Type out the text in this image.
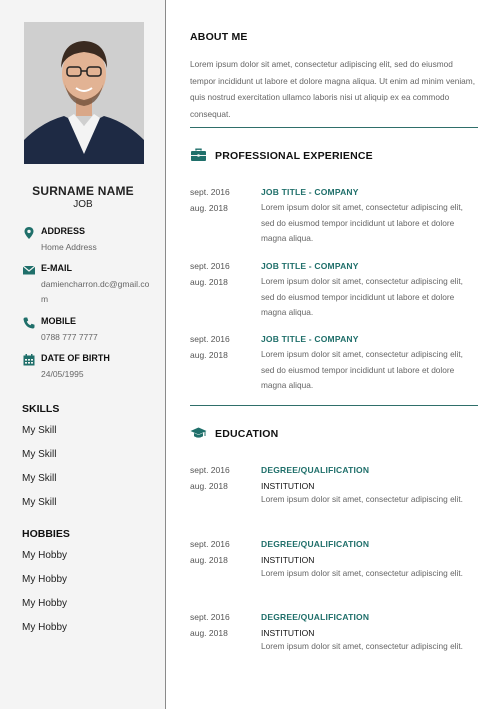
SURNAME NAME
JOB
ADDRESS
Home Address
E-MAIL
damiencharron.dc@gmail.com
MOBILE
0788 777 7777
DATE OF BIRTH
24/05/1995
SKILLS
My Skill
My Skill
My Skill
My Skill
HOBBIES
My Hobby
My Hobby
My Hobby
My Hobby
ABOUT ME
Lorem ipsum dolor sit amet, consectetur adipiscing elit, sed do eiusmod tempor incididunt ut labore et dolore magna aliqua. Ut enim ad minim veniam, quis nostrud exercitation ullamco laboris nisi ut aliquip ex ea commodo consequat.
PROFESSIONAL EXPERIENCE
sept. 2016
aug. 2018
JOB TITLE - COMPANY
Lorem ipsum dolor sit amet, consectetur adipiscing elit, sed do eiusmod tempor incididunt ut labore et dolore magna aliqua.
sept. 2016
aug. 2018
JOB TITLE - COMPANY
Lorem ipsum dolor sit amet, consectetur adipiscing elit, sed do eiusmod tempor incididunt ut labore et dolore magna aliqua.
sept. 2016
aug. 2018
JOB TITLE - COMPANY
Lorem ipsum dolor sit amet, consectetur adipiscing elit, sed do eiusmod tempor incididunt ut labore et dolore magna aliqua.
EDUCATION
sept. 2016
aug. 2018
DEGREE/QUALIFICATION
INSTITUTION
Lorem ipsum dolor sit amet, consectetur adipiscing elit.
sept. 2016
aug. 2018
DEGREE/QUALIFICATION
INSTITUTION
Lorem ipsum dolor sit amet, consectetur adipiscing elit.
sept. 2016
aug. 2018
DEGREE/QUALIFICATION
INSTITUTION
Lorem ipsum dolor sit amet, consectetur adipiscing elit.
